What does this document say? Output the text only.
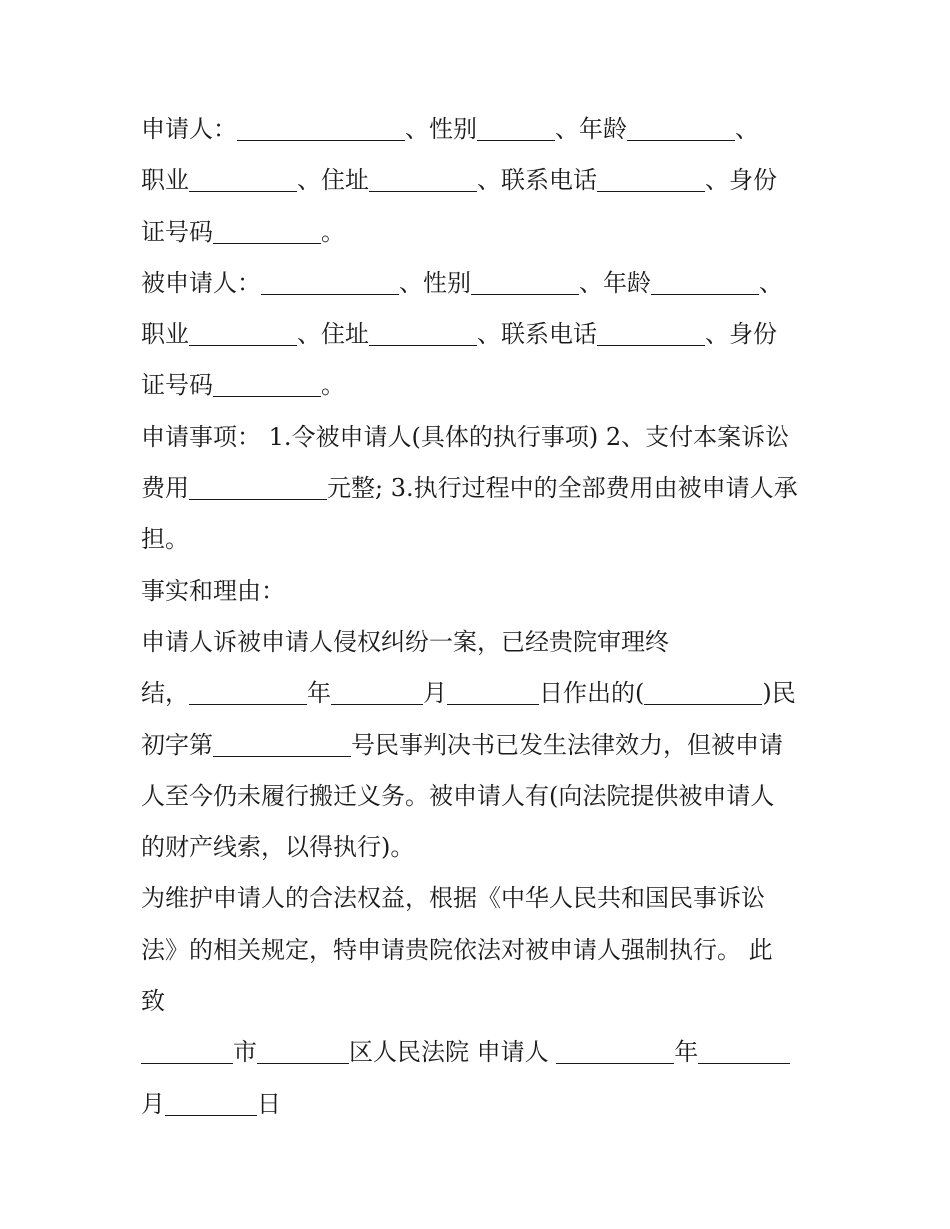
申请人：	、性别	、年龄	、
职业	、住址	、联系电话	、身份
证号码	。
被申请人：	、性别	、年龄	、
职业	、住址	、联系电话	、身份
证号码	。
申请事项： 1.令被申请人(具体的执行事项) 2、支付本案诉讼
费用	元整; 3.执行过程中的全部费用由被申请人承
担。
事实和理由：
申请人诉被申请人侵权纠纷一案，已经贵院审理终
结，	年	月	日作出的(	)民
初字第	号民事判决书已发生法律效力，但被申请
人至今仍未履行搬迁义务。被申请人有(向法院提供被申请人
的财产线索，以得执行)。
为维护申请人的合法权益，根据《中华人民共和国民事诉讼
法》的相关规定，特申请贵院依法对被申请人强制执行。 此
致
市	区人民法院 申请人	年
月	日
